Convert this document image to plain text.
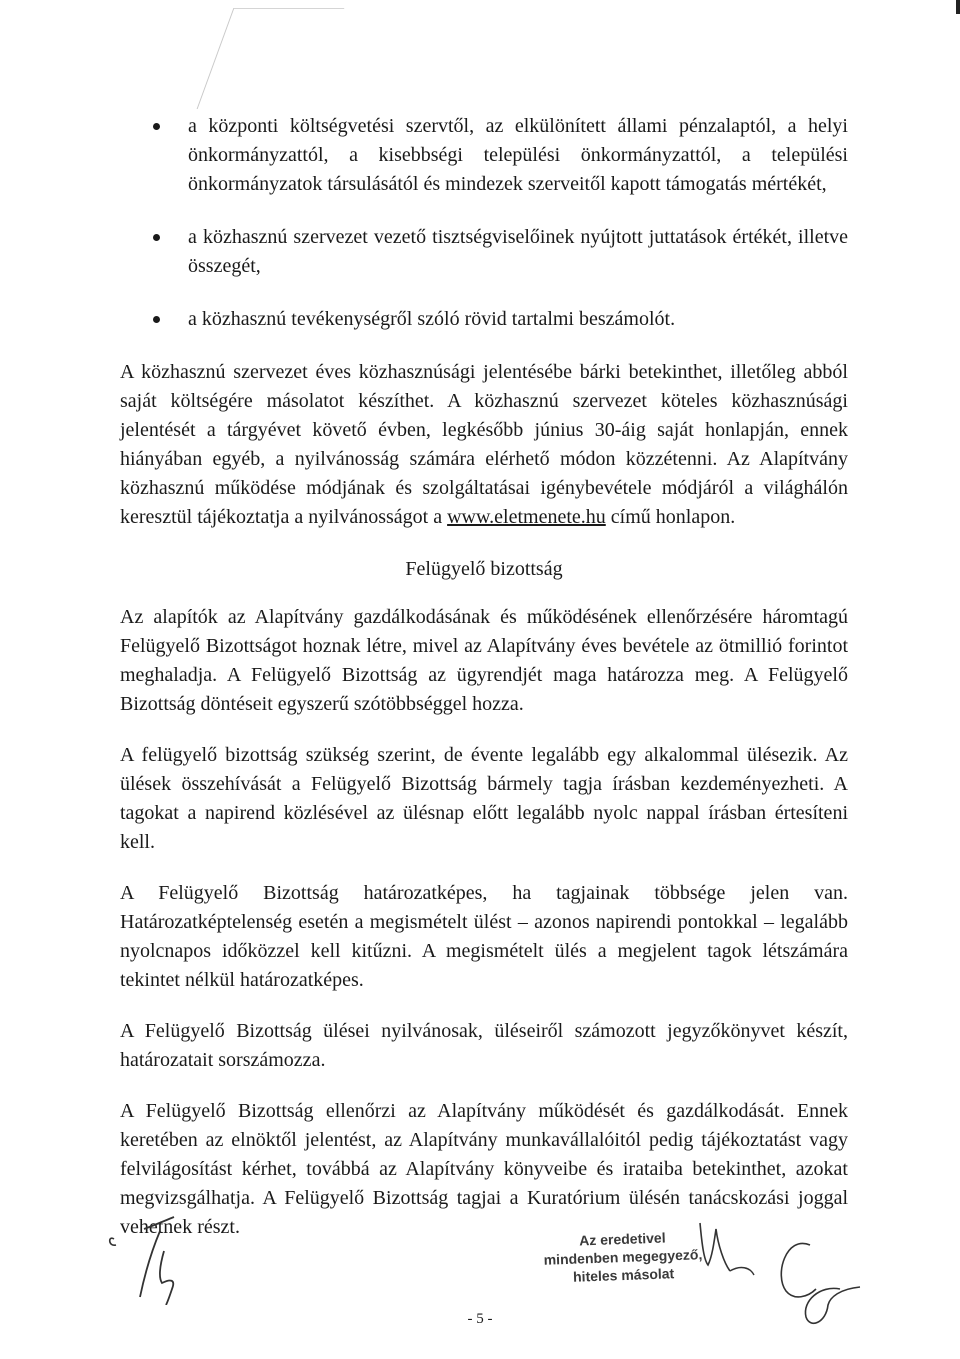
a központi költségvetési szervtől, az elkülönített állami pénzalaptól, a helyi önkormányzattól, a kisebbségi települési önkormányzattól, a települési önkormányzatok társulásától és mindezek szerveitől kapott támogatás mértékét,
a közhasznú szervezet vezető tisztségviselőinek nyújtott juttatások értékét, illetve összegét,
a közhasznú tevékenységről szóló rövid tartalmi beszámolót.

A közhasznú szervezet éves közhasznúsági jelentésébe bárki betekinthet, illetőleg abból saját költségére másolatot készíthet. A közhasznú szervezet köteles közhasznúsági jelentését a tárgyévet követő évben, legkésőbb június 30-áig saját honlapján, ennek hiányában egyéb, a nyilvánosság számára elérhető módon közzétenni. Az Alapítvány közhasznú működése módjának és szolgáltatásai igénybevétele módjáról a világhálón keresztül tájékoztatja a nyilvánosságot a www.eletmenete.hu című honlapon.

Felügyelő bizottság

Az alapítók az Alapítvány gazdálkodásának és működésének ellenőrzésére háromtagú Felügyelő Bizottságot hoznak létre, mivel az Alapítvány éves bevétele az ötmillió forintot meghaladja. A Felügyelő Bizottság az ügyrendjét maga határozza meg. A Felügyelő Bizottság döntéseit egyszerű szótöbbséggel hozza.

A felügyelő bizottság szükség szerint, de évente legalább egy alkalommal ülésezik. Az ülések összehívását a Felügyelő Bizottság bármely tagja írásban kezdeményezheti. A tagokat a napirend közlésével az ülésnap előtt legalább nyolc nappal írásban értesíteni kell.

A Felügyelő Bizottság határozatképes, ha tagjainak többsége jelen van. Határozatképtelenség esetén a megismételt ülést – azonos napirendi pontokkal – legalább nyolcnapos időközzel kell kitűzni. A megismételt ülés a megjelent tagok létszámára tekintet nélkül határozatképes.

A Felügyelő Bizottság ülései nyilvánosak, üléseiről számozott jegyzőkönyvet készít, határozatait sorszámozza.

A Felügyelő Bizottság ellenőrzi az Alapítvány működését és gazdálkodását. Ennek keretében az elnöktől jelentést, az Alapítvány munkavállalóitól pedig tájékoztatást vagy felvilágosítást kérhet, továbbá az Alapítvány könyveibe és irataiba betekinthet, azokat megvizsgálhatja. A Felügyelő Bizottság tagjai a Kuratórium ülésén tanácskozási joggal vehetnek részt.

Az eredetivel
mindenben megegyező,
hiteles másolat
- 5 -
